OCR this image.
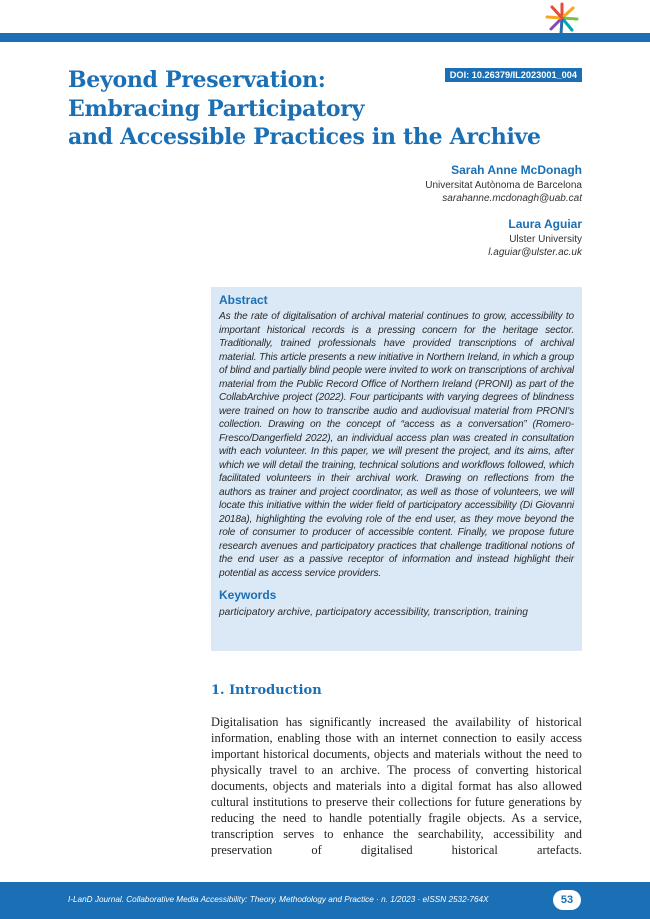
DOI: 10.26379/IL2023001_004
Beyond Preservation:
Embracing Participatory
and Accessible Practices in the Archive
Sarah Anne McDonagh
Universitat Autònoma de Barcelona
sarahanne.mcdonagh@uab.cat
Laura Aguiar
Ulster University
l.aguiar@ulster.ac.uk
Abstract

As the rate of digitalisation of archival material continues to grow, accessibility to important historical records is a pressing concern for the heritage sector. Traditionally, trained professionals have provided transcriptions of archival material. This article presents a new initiative in Northern Ireland, in which a group of blind and partially blind people were invited to work on transcriptions of archival material from the Public Record Office of Northern Ireland (PRONI) as part of the CollabArchive project (2022). Four participants with varying degrees of blindness were trained on how to transcribe audio and audiovisual material from PRONI's collection. Drawing on the concept of “access as a conversation” (Romero-Fresco/Dangerfield 2022), an individual access plan was created in consultation with each volunteer. In this paper, we will present the project, and its aims, after which we will detail the training, technical solutions and workflows followed, which facilitated volunteers in their archival work. Drawing on reflections from the authors as trainer and project coordinator, as well as those of volunteers, we will locate this initiative within the wider field of participatory accessibility (Di Giovanni 2018a), highlighting the evolving role of the end user, as they move beyond the role of consumer to producer of accessible content. Finally, we propose future research avenues and participatory practices that challenge traditional notions of the end user as a passive receptor of information and instead highlight their potential as access service providers.

Keywords

participatory archive, participatory accessibility, transcription, training

1. Introduction

Digitalisation has significantly increased the availability of historical information, enabling those with an internet connection to easily access important historical documents, objects and materials without the need to physically travel to an archive. The process of converting historical documents, objects and materials into a digital format has also allowed cultural institutions to preserve their collections for future generations by reducing the need to handle potentially fragile objects. As a service, transcription serves to enhance the searchability, accessibility and preservation of digitalised historical artefacts.

I-LanD Journal. Collaborative Media Accessibility: Theory, Methodology and Practice · n. 1/2023 · eISSN 2532-764X	53
